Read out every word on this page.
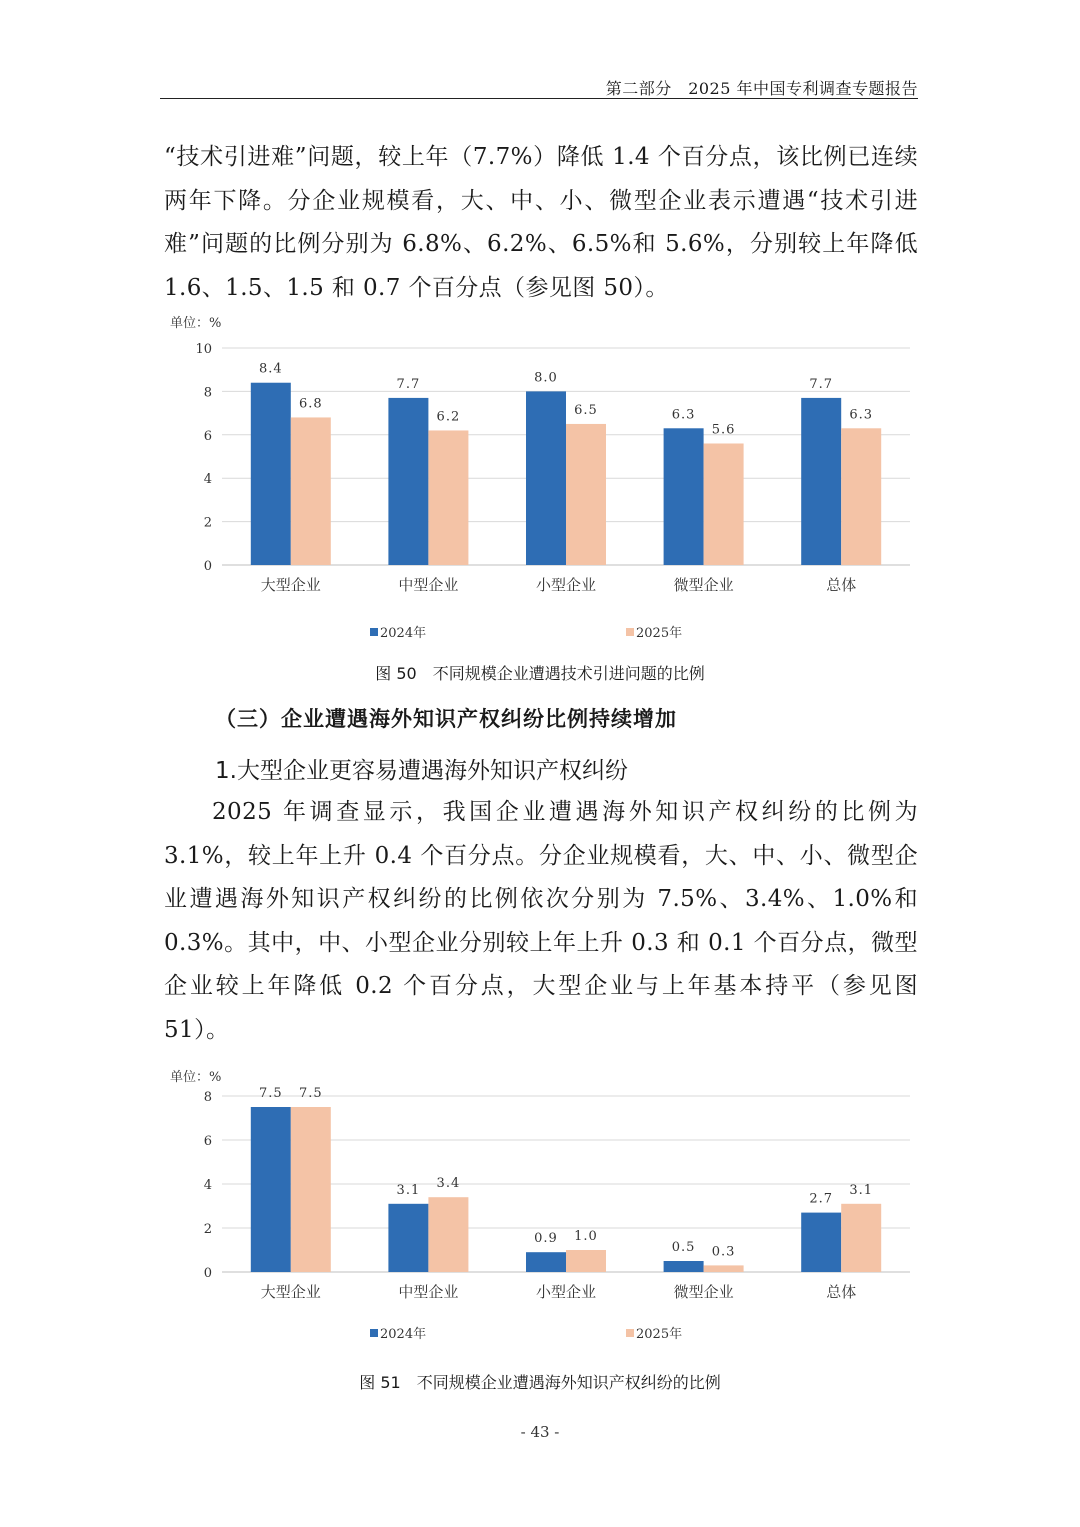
第二部分　2025 年中国专利调查专题报告
“技术引进难”问题，较上年（7.7%）降低 1.4 个百分点，该比例已连续两年下降。分企业规模看，大、中、小、微型企业表示遭遇“技术引进难”问题的比例分别为 6.8%、6.2%、6.5%和 5.6%，分别较上年降低 1.6、1.5、1.5 和 0.7 个百分点（参见图 50）。
单位：%
0
2
4
6
8
10
8.4
6.8
大型企业
7.7
6.2
中型企业
8.0
6.5
小型企业
6.3
5.6
微型企业
7.7
6.3
总体
2024年	2025年
图 50　不同规模企业遭遇技术引进问题的比例
（三）企业遭遇海外知识产权纠纷比例持续增加
1.大型企业更容易遭遇海外知识产权纠纷
2025 年调查显示，我国企业遭遇海外知识产权纠纷的比例为 3.1%，较上年上升 0.4 个百分点。分企业规模看，大、中、小、微型企业遭遇海外知识产权纠纷的比例依次分别为 7.5%、3.4%、1.0%和 0.3%。其中，中、小型企业分别较上年上升 0.3 和 0.1 个百分点，微型企业较上年降低 0.2 个百分点，大型企业与上年基本持平（参见图 51）。
单位：%
0
2
4
6
8	7.5 7.5
大型企业
3.1 3.4
中型企业
0.9 1.0
小型企业
0.5 0.3
微型企业
2.7
3.1
总体
2024年	2025年
图 51　不同规模企业遭遇海外知识产权纠纷的比例
- 43 -
